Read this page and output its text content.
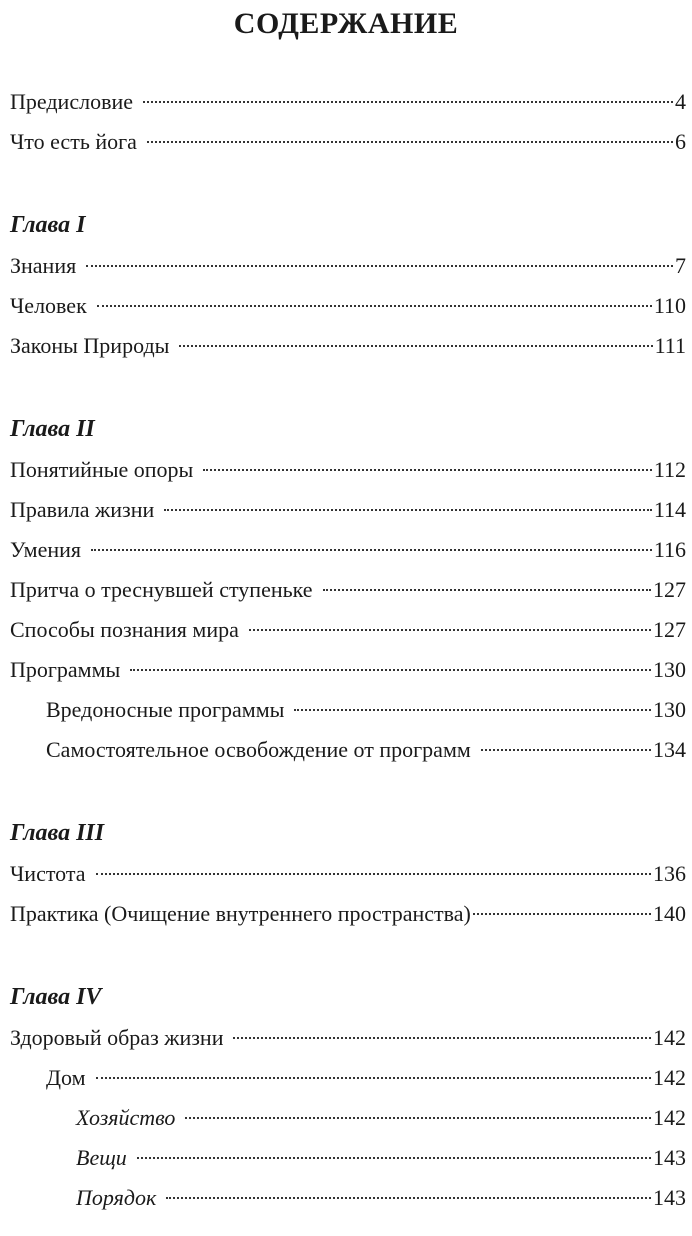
СОДЕРЖАНИЕ
Предисловие	4
Что есть йога	6
Глава I
Знания	7
Человек	110
Законы Природы	111
Глава II
Понятийные опоры	112
Правила жизни	114
Умения	116
Притча о треснувшей ступеньке	127
Способы познания мира	127
Программы	130
Вредоносные программы	130
Самостоятельное освобождение от программ	134
Глава III
Чистота	136
Практика (Очищение внутреннего пространства)	140
Глава IV
Здоровый образ жизни	142
Дом	142
Хозяйство	142
Вещи	143
Порядок	143
